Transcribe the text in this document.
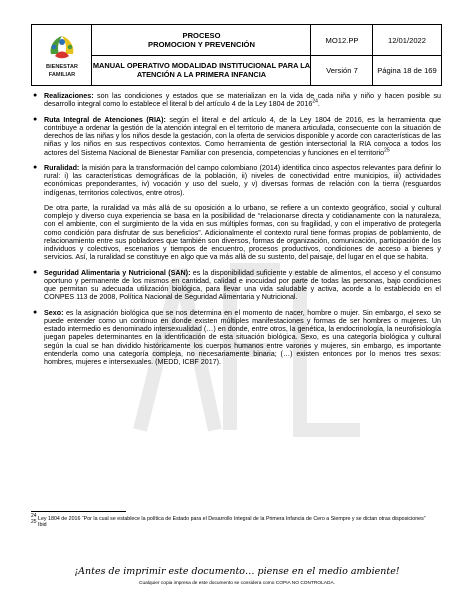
BIENESTAR
FAMILIAR
PROCESO
PROMOCION Y PREVENCIÓN
MANUAL OPERATIVO MODALIDAD INSTITUCIONAL PARA LA
ATENCIÓN A LA PRIMERA INFANCIA
MO12.PP	12/01/2022
Versión 7	Página 18 de 169
● Realizaciones: son las condiciones y estados que se materializan en la vida de cada niña y niño y hacen posible su desarrollo integral como lo establece el literal b del artículo 4 de la Ley 1804 de 2016$^{24}$.

● Ruta Integral de Atenciones (RIA): según el literal e del artículo 4, de la Ley 1804 de 2016, es la herramienta que contribuye a ordenar la gestión de la atención integral en el territorio de manera articulada, consecuente con la situación de derechos de las niñas y los niños desde la gestación, con la oferta de servicios disponible y acorde con características de las niñas y los niños en sus respectivos contextos. Como herramienta de gestión intersectorial la RIA convoca a todos los actores del Sistema Nacional de Bienestar Familiar con presencia, competencias y funciones en el territorio$^{25}$

● Ruralidad: la misión para la transformación del campo colombiano (2014) identifica cinco aspectos relevantes para definir lo rural: i) las características demográficas de la población, ii) niveles de conectividad entre municipios, iii) actividades económicas preponderantes, iv) vocación y uso del suelo, y v) diversas formas de relación con la tierra (resguardos indígenas, territorios colectivos, entre otros).

De otra parte, la ruralidad va más allá de su oposición a lo urbano, se refiere a un contexto geográfico, social y cultural complejo y diverso cuya experiencia se basa en la posibilidad de “relacionarse directa y cotidianamente con la naturaleza, con el ambiente, con el surgimiento de la vida en sus múltiples formas, con su fragilidad, y con el imperativo de protegerla como condición para disfrutar de sus beneficios”. Adicionalmente el contexto rural tiene formas propias de poblamiento, de relacionamiento entre sus pobladores que también son diversos, formas de organización, comunicación, participación de los individuos y colectivos, escenarios y tiempos de encuentro, procesos productivos, condiciones de acceso a bienes y servicios. Así, la ruralidad se constituye en algo que va más allá de su sustento, del paisaje, del lugar en el que se habita.

● Seguridad Alimentaria y Nutricional (SAN): es la disponibilidad suficiente y estable de alimentos, el acceso y el consumo oportuno y permanente de los mismos en cantidad, calidad e inocuidad por parte de todas las personas, bajo condiciones que permitan su adecuada utilización biológica, para llevar una vida saludable y activa, acorde a lo establecido en el CONPES 113 de 2008, Política Nacional de Seguridad Alimentaria y Nutricional.

● Sexo: es la asignación biológica que se nos determina en el momento de nacer, hombre o mujer. Sin embargo, el sexo se puede entender como un continuo en donde existen múltiples manifestaciones y formas de ser hombres o mujeres. Un estado intermedio es denominado intersexualidad (…) en donde, entre otros, la genética, la endocrinología, la neurofisiología juegan papeles determinantes en la identificación de esta situación biológica. Sexo, es una categoría biológica y cultural según la cual se han dividido históricamente los cuerpos humanos entre varones y mujeres, sin embargo, es importante entenderla como una categoría compleja, no necesariamente binaria; (…) existen entonces por lo menos tres sexos: hombres, mujeres e intersexuales. (MEDD, ICBF 2017).

$^{24}$ Ley 1804 de 2016 “Por la cual se establece la política de Estado para el Desarrollo Integral de la Primera Infancia de Cero a Siempre y se dictan otras disposiciones”
$^{25}$ Ibid
¡Antes de imprimir este documento… piense en el medio ambiente!
Cualquier copia impresa de este documento se considera como COPIA NO CONTROLADA.
